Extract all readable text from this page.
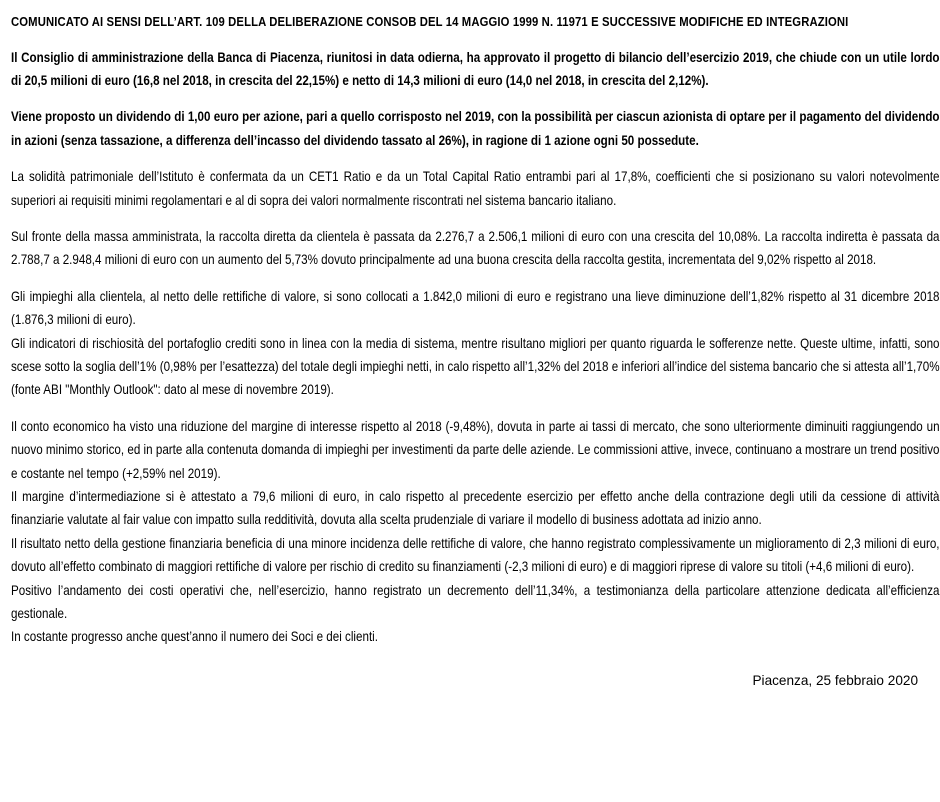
COMUNICATO AI SENSI DELL’ART. 109 DELLA DELIBERAZIONE CONSOB DEL 14 MAGGIO 1999 N. 11971 E SUCCESSIVE MODIFICHE ED INTEGRAZIONI

Il Consiglio di amministrazione della Banca di Piacenza, riunitosi in data odierna, ha approvato il progetto di bilancio dell’esercizio 2019, che chiude con un utile lordo di 20,5 milioni di euro (16,8 nel 2018, in crescita del 22,15%) e netto di 14,3 milioni di euro (14,0 nel 2018, in crescita del 2,12%).

Viene proposto un dividendo di 1,00 euro per azione, pari a quello corrisposto nel 2019, con la possibilità per ciascun azionista di optare per il pagamento del dividendo in azioni (senza tassazione, a differenza dell’incasso del dividendo tassato al 26%), in ragione di 1 azione ogni 50 possedute.

La solidità patrimoniale dell’Istituto è confermata da un CET1 Ratio e da un Total Capital Ratio entrambi pari al 17,8%, coefficienti che si posizionano su valori notevolmente superiori ai requisiti minimi regolamentari e al di sopra dei valori normalmente riscontrati nel sistema bancario italiano.

Sul fronte della massa amministrata, la raccolta diretta da clientela è passata da 2.276,7 a 2.506,1 milioni di euro con una crescita del 10,08%. La raccolta indiretta è passata da 2.788,7 a 2.948,4 milioni di euro con un aumento del 5,73% dovuto principalmente ad una buona crescita della raccolta gestita, incrementata del 9,02% rispetto al 2018.

Gli impieghi alla clientela, al netto delle rettifiche di valore, si sono collocati a 1.842,0 milioni di euro e registrano una lieve diminuzione dell’1,82% rispetto al 31 dicembre 2018 (1.876,3 milioni di euro).

Gli indicatori di rischiosità del portafoglio crediti sono in linea con la media di sistema, mentre risultano migliori per quanto riguarda le sofferenze nette. Queste ultime, infatti, sono scese sotto la soglia dell’1% (0,98% per l’esattezza) del totale degli impieghi netti, in calo rispetto all’1,32% del 2018 e inferiori all’indice del sistema bancario che si attesta all’1,70% (fonte ABI "Monthly Outlook": dato al mese di novembre 2019).

Il conto economico ha visto una riduzione del margine di interesse rispetto al 2018 (-9,48%), dovuta in parte ai tassi di mercato, che sono ulteriormente diminuiti raggiungendo un nuovo minimo storico, ed in parte alla contenuta domanda di impieghi per investimenti da parte delle aziende. Le commissioni attive, invece, continuano a mostrare un trend positivo e costante nel tempo (+2,59% nel 2019).

Il margine d’intermediazione si è attestato a 79,6 milioni di euro, in calo rispetto al precedente esercizio per effetto anche della contrazione degli utili da cessione di attività finanziarie valutate al fair value con impatto sulla redditività, dovuta alla scelta prudenziale di variare il modello di business adottata ad inizio anno.

Il risultato netto della gestione finanziaria beneficia di una minore incidenza delle rettifiche di valore, che hanno registrato complessivamente un miglioramento di 2,3 milioni di euro, dovuto all’effetto combinato di maggiori rettifiche di valore per rischio di credito su finanziamenti (-2,3 milioni di euro) e di maggiori riprese di valore su titoli (+4,6 milioni di euro).

Positivo l’andamento dei costi operativi che, nell’esercizio, hanno registrato un decremento dell’11,34%, a testimonianza della particolare attenzione dedicata all’efficienza gestionale.

In costante progresso anche quest’anno il numero dei Soci e dei clienti.

Piacenza, 25 febbraio 2020
